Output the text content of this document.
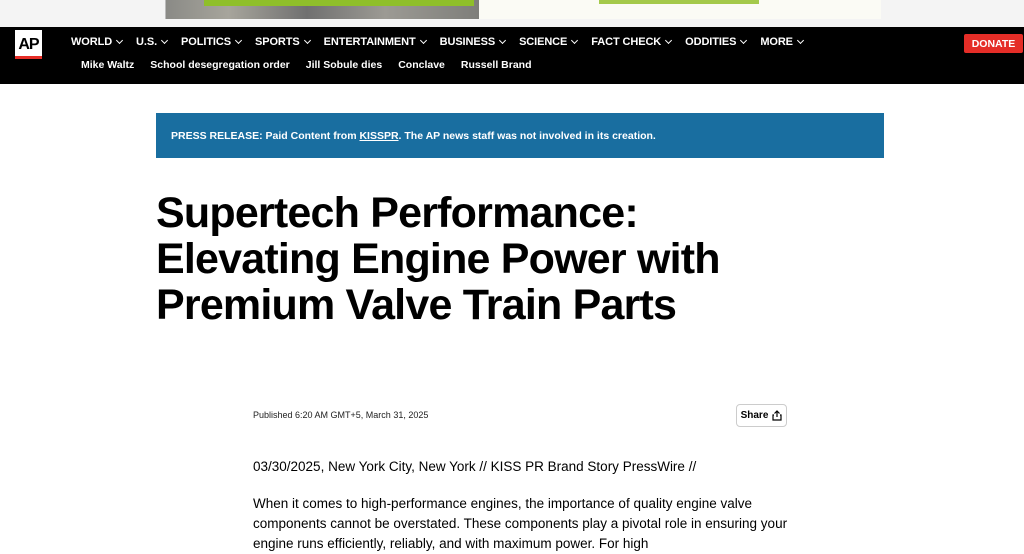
AP	WORLD U.S. POLITICS SPORTS ENTERTAINMENT BUSINESS SCIENCE FACT CHECK ODDITIES MORE
Mike Waltz School desegregation order Jill Sobule dies Conclave Russell Brand
DONATE
PRESS RELEASE: Paid Content from KISSPR . The AP news staff was not involved in its creation.
Supertech Performance: Elevating Engine Power with Premium Valve Train Parts
Published 6:20 AM GMT+5, March 31, 2025	Share

03/30/2025, New York City, New York // KISS PR Brand Story PressWire //

When it comes to high-performance engines, the importance of quality engine valve components cannot be overstated. These components play a pivotal role in ensuring your engine runs efficiently, reliably, and with maximum power. For high
